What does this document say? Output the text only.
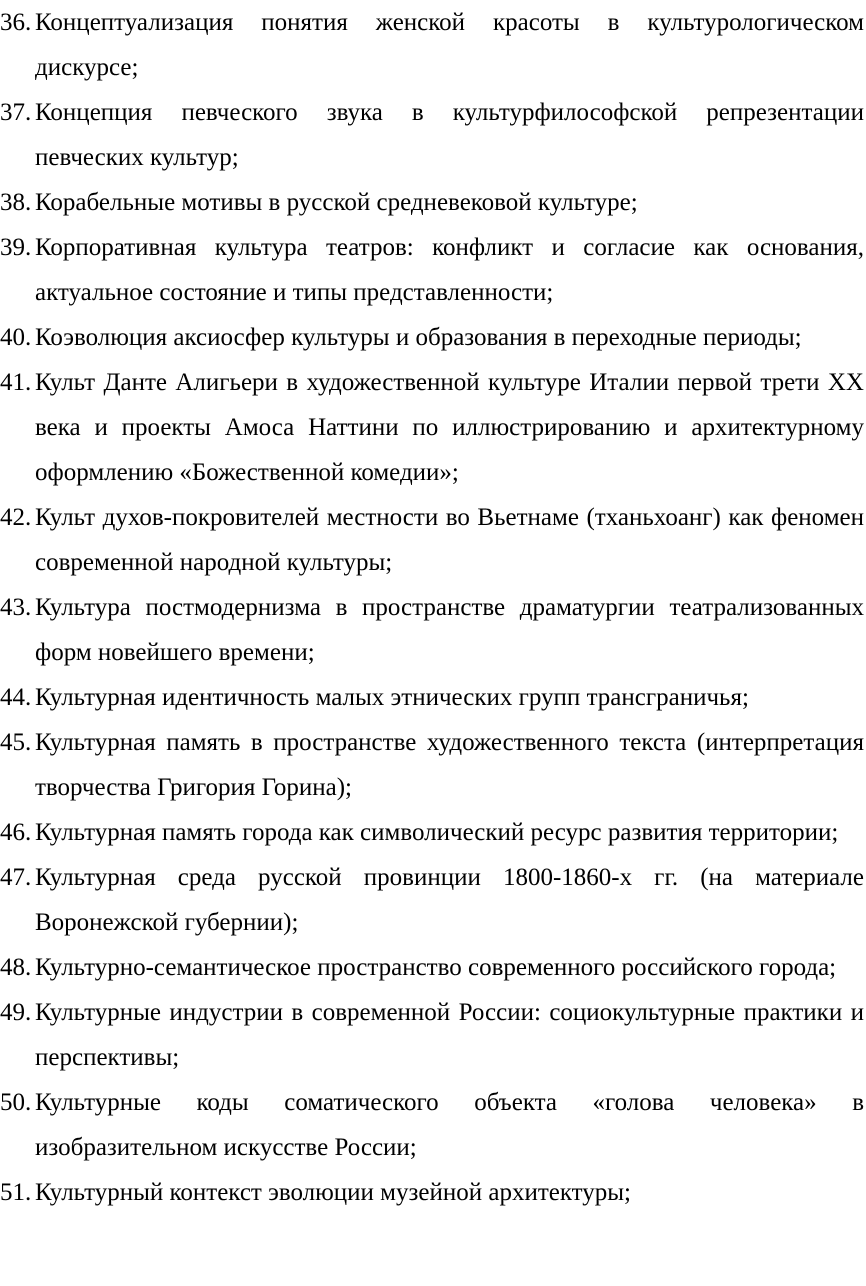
36. Концептуализация понятия женской красоты в культурологическом дискурсе;
37. Концепция певческого звука в культурфилософской репрезентации певческих культур;
38. Корабельные мотивы в русской средневековой культуре;
39. Корпоративная культура театров: конфликт и согласие как основания, актуальное состояние и типы представленности;
40. Коэволюция аксиосфер культуры и образования в переходные периоды;
41. Культ Данте Алигьери в художественной культуре Италии первой трети XX века и проекты Амоса Наттини по иллюстрированию и архитектурному оформлению «Божественной комедии»;
42. Культ духов-покровителей местности во Вьетнаме (тханьхоанг) как феномен современной народной культуры;
43. Культура постмодернизма в пространстве драматургии театрализованных форм новейшего времени;
44. Культурная идентичность малых этнических групп трансграничья;
45. Культурная память в пространстве художественного текста (интерпретация творчества Григория Горина);
46. Культурная память города как символический ресурс развития территории;
47. Культурная среда русской провинции 1800-1860-х гг. (на материале Воронежской губернии);
48. Культурно-семантическое пространство современного российского города;
49. Культурные индустрии в современной России: социокультурные практики и перспективы;
50. Культурные коды соматического объекта «голова человека» в изобразительном искусстве России;
51. Культурный контекст эволюции музейной архитектуры;
